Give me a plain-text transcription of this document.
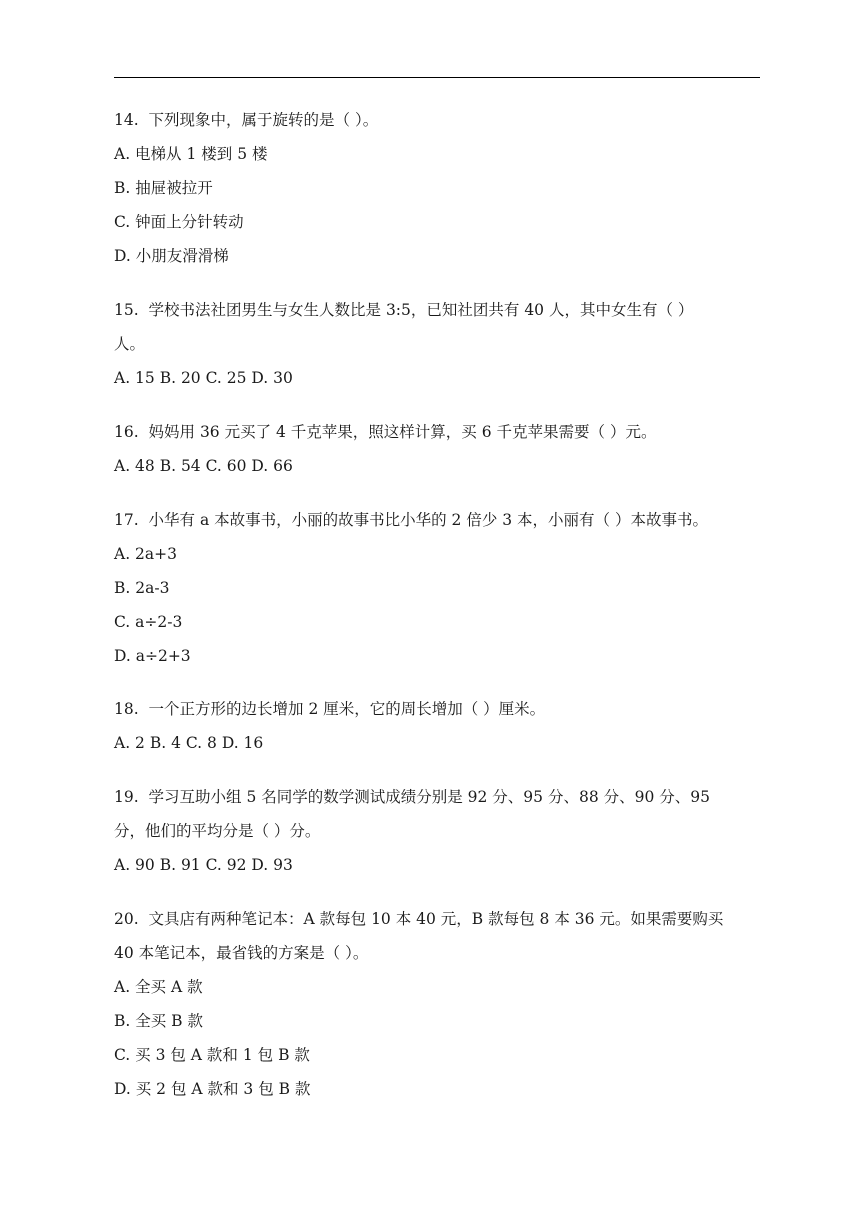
14. 下列现象中，属于旋转的是（ ）。

A. 电梯从 1 楼到 5 楼

B. 抽屉被拉开

C. 钟面上分针转动

D. 小朋友滑滑梯

15. 学校书法社团男生与女生人数比是 3:5，已知社团共有 40 人，其中女生有（ ）

人。

A. 15 B. 20 C. 25 D. 30

16. 妈妈用 36 元买了 4 千克苹果，照这样计算，买 6 千克苹果需要（ ）元。

A. 48 B. 54 C. 60 D. 66

17. 小华有 a 本故事书，小丽的故事书比小华的 2 倍少 3 本，小丽有（ ）本故事书。

A. 2a+3

B. 2a-3

C. a÷2-3

D. a÷2+3

18. 一个正方形的边长增加 2 厘米，它的周长增加（ ）厘米。

A. 2 B. 4 C. 8 D. 16

19. 学习互助小组 5 名同学的数学测试成绩分别是 92 分、95 分、88 分、90 分、95

分，他们的平均分是（ ）分。

A. 90 B. 91 C. 92 D. 93

20. 文具店有两种笔记本：A 款每包 10 本 40 元，B 款每包 8 本 36 元。如果需要购买

40 本笔记本，最省钱的方案是（ ）。

A. 全买 A 款

B. 全买 B 款

C. 买 3 包 A 款和 1 包 B 款

D. 买 2 包 A 款和 3 包 B 款
